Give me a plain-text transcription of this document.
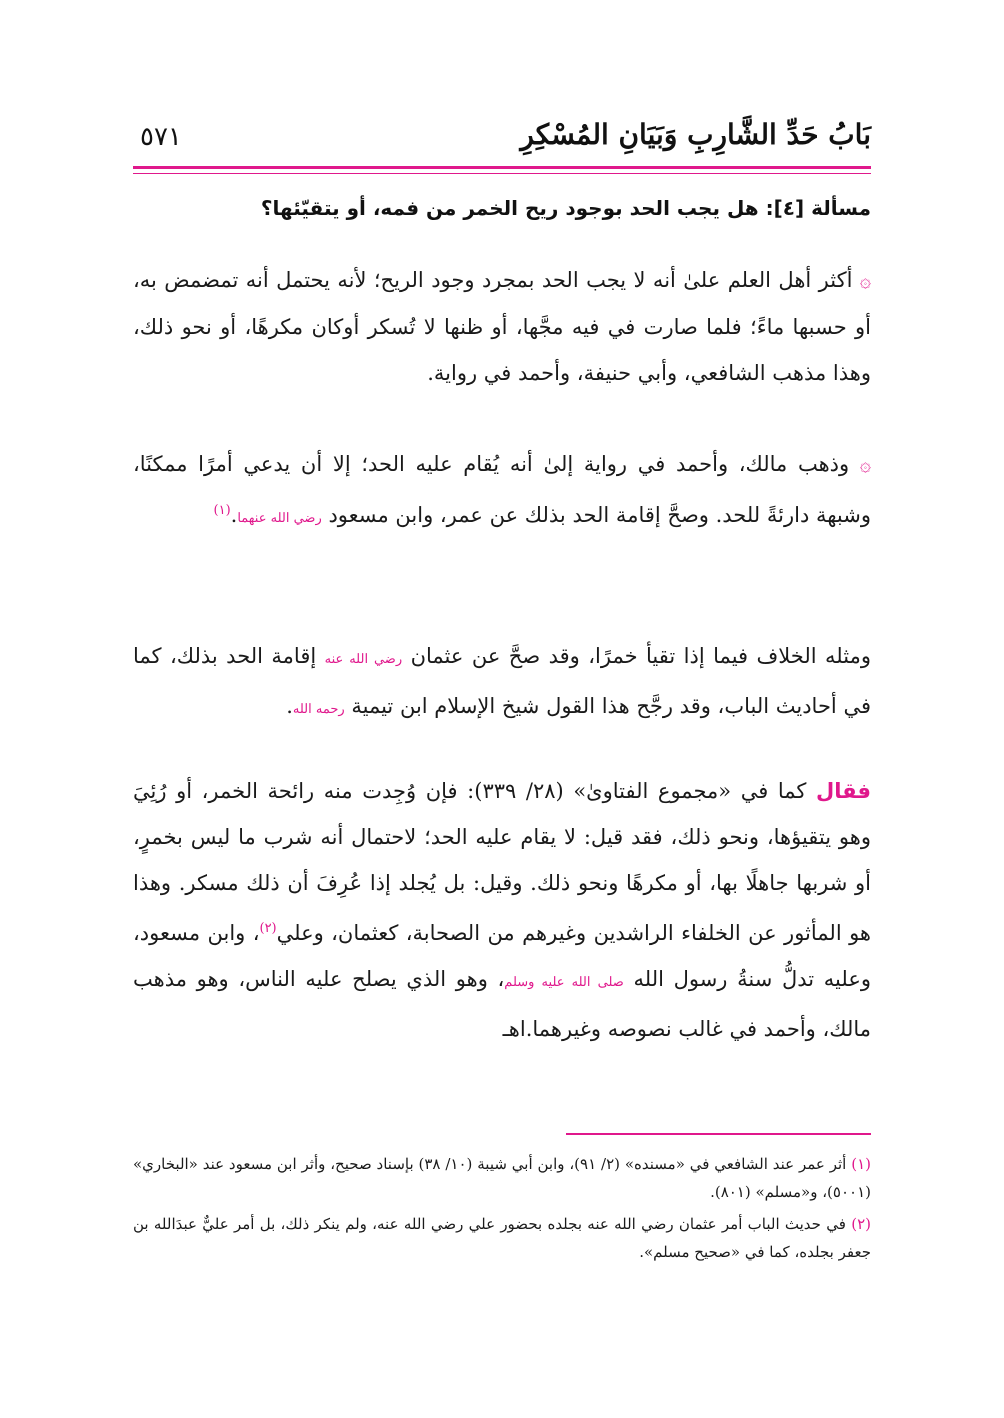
بَابُ حَدِّ الشَّارِبِ وَبَيَانِ المُسْكِرِ
٥٧١
مسألة [٤]: هل يجب الحد بوجود ريح الخمر من فمه، أو يتقيّئها؟
۞ أكثر أهل العلم علىٰ أنه لا يجب الحد بمجرد وجود الريح؛ لأنه يحتمل أنه تمضمض به، أو حسبها ماءً؛ فلما صارت في فيه مجَّها، أو ظنها لا تُسكر أوكان مكرهًا، أو نحو ذلك، وهذا مذهب الشافعي، وأبي حنيفة، وأحمد في رواية.
۞ وذهب مالك، وأحمد في رواية إلىٰ أنه يُقام عليه الحد؛ إلا أن يدعي أمرًا ممكنًا، وشبهة دارئةً للحد. وصحَّ إقامة الحد بذلك عن عمر، وابن مسعود رضي الله عنهما.$^{(١)}$
ومثله الخلاف فيما إذا تقيأ خمرًا، وقد صحَّ عن عثمان رضي الله عنه إقامة الحد بذلك، كما في أحاديث الباب، وقد رجَّح هذا القول شيخ الإسلام ابن تيمية رحمه الله.
فقال كما في «مجموع الفتاوىٰ» (٢٨/ ٣٣٩): فإن وُجِدت منه رائحة الخمر، أو رُئِيَ وهو يتقيؤها، ونحو ذلك، فقد قيل: لا يقام عليه الحد؛ لاحتمال أنه شرب ما ليس بخمرٍ، أو شربها جاهلًا بها، أو مكرهًا ونحو ذلك. وقيل: بل يُجلد إذا عُرِفَ أن ذلك مسكر. وهذا هو المأثور عن الخلفاء الراشدين وغيرهم من الصحابة، كعثمان، وعلي$^{(٢)}$، وابن مسعود، وعليه تدلُّ سنةُ رسول الله صلى الله عليه وسلم، وهو الذي يصلح عليه الناس، وهو مذهب مالك، وأحمد في غالب نصوصه وغيرهما.اهـ

(١) أثر عمر عند الشافعي في «مسنده» (٢/ ٩١)، وابن أبي شيبة (١٠/ ٣٨) بإسناد صحيح، وأثر ابن مسعود عند «البخاري» (٥٠٠١)، و«مسلم» (٨٠١).

(٢) في حديث الباب أمر عثمان رضي الله عنه بجلده بحضور علي رضي الله عنه، ولم ينكر ذلك، بل أمر عليٌّ عبدَالله بن جعفر بجلده، كما في «صحيح مسلم».
